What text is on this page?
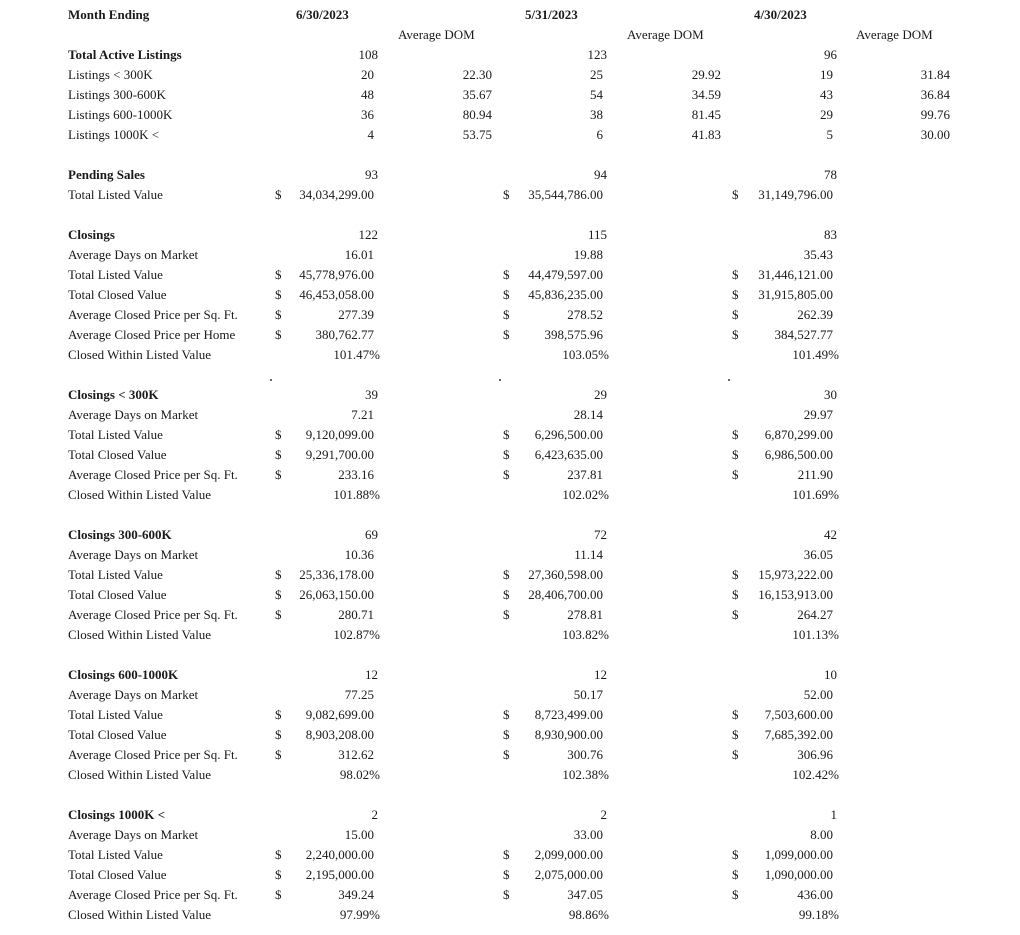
Month Ending	6/30/2023	5/31/2023	4/30/2023
Average DOM	Average DOM	Average DOM
Total Active Listings	108	123	96
Listings < 300K	20	22.30	25	29.92	19	31.84
Listings 300-600K	48	35.67	54	34.59	43	36.84
Listings 600-1000K	36	80.94	38	81.45	29	99.76
Listings 1000K <	4	53.75	6	41.83	5	30.00
Pending Sales	93	94	78
Total Listed Value	$ 34,034,299.00	$ 35,544,786.00	$ 31,149,796.00
Closings	122	115	83
Average Days on Market	16.01	19.88	35.43
Total Listed Value	$ 45,778,976.00	$ 44,479,597.00	$ 31,446,121.00
Total Closed Value	$ 46,453,058.00	$ 45,836,235.00	$ 31,915,805.00
Average Closed Price per Sq. Ft.	$	277.39	$	278.52	$	262.39
Average Closed Price per Home	$	380,762.77	$	398,575.96	$	384,527.77
Closed Within Listed Value	101.47%	103.05%	101.49%
Closings < 300K	39	29	30
Average Days on Market	7.21	28.14	29.97
Total Listed Value	$ 9,120,099.00	$ 6,296,500.00	$ 6,870,299.00
Total Closed Value	$ 9,291,700.00	$ 6,423,635.00	$ 6,986,500.00
Average Closed Price per Sq. Ft.	$	233.16	$	237.81	$	211.90
Closed Within Listed Value	101.88%	102.02%	101.69%
Closings 300-600K	69	72	42
Average Days on Market	10.36	11.14	36.05
Total Listed Value	$ 25,336,178.00	$ 27,360,598.00	$ 15,973,222.00
Total Closed Value	$ 26,063,150.00	$ 28,406,700.00	$ 16,153,913.00
Average Closed Price per Sq. Ft.	$	280.71	$	278.81	$	264.27
Closed Within Listed Value	102.87%	103.82%	101.13%
Closings 600-1000K	12	12	10
Average Days on Market	77.25	50.17	52.00
Total Listed Value	$ 9,082,699.00	$ 8,723,499.00	$ 7,503,600.00
Total Closed Value	$ 8,903,208.00	$ 8,930,900.00	$ 7,685,392.00
Average Closed Price per Sq. Ft.	$	312.62	$	300.76	$	306.96
Closed Within Listed Value	98.02%	102.38%	102.42%
Closings 1000K <	2	2	1
Average Days on Market	15.00	33.00	8.00
Total Listed Value	$ 2,240,000.00	$ 2,099,000.00	$ 1,099,000.00
Total Closed Value	$ 2,195,000.00	$ 2,075,000.00	$ 1,090,000.00
Average Closed Price per Sq. Ft.	$	349.24	$	347.05	$	436.00
Closed Within Listed Value	97.99%	98.86%	99.18%
